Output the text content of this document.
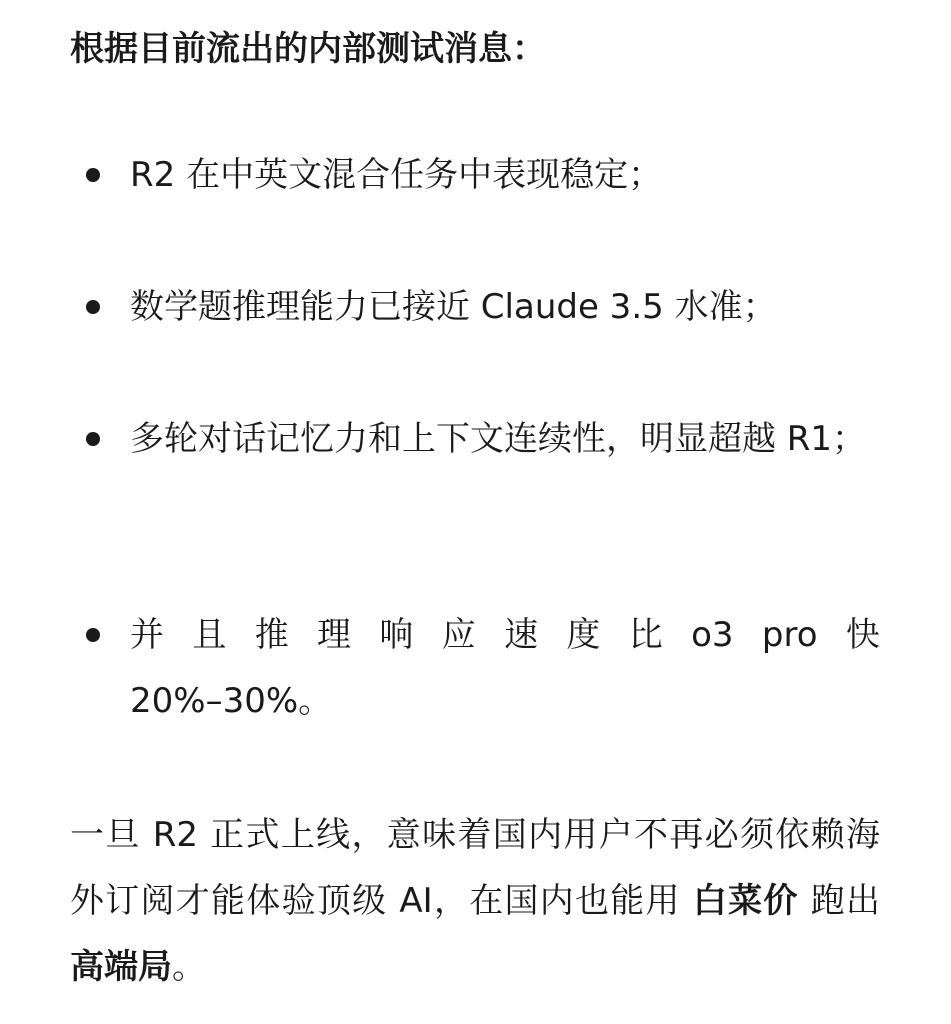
根据目前流出的内部测试消息：
R2 在中英文混合任务中表现稳定；
数学题推理能力已接近 Claude 3.5 水准；
多轮对话记忆力和上下文连续性，明显超越 R1；
并 且 推 理 响 应 速 度 比 o3 pro 快
20%–30%。

一旦 R2 正式上线，意味着国内用户不再必须依赖海外订阅才能体验顶级 AI，在国内也能用 白菜价 跑出 高端局。
